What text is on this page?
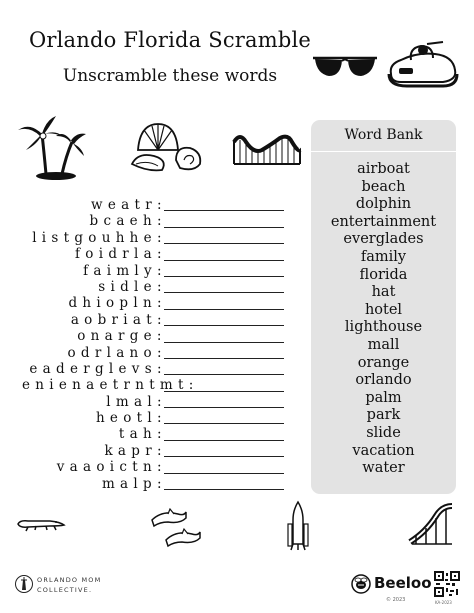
Orlando Florida Scramble
Unscramble these words
w e a t r :
b c a e h :
l i s t g o u h h e :
f o i d r l a :
f a i m l y :
s i d l e :
d h i o p l n :
a o b r i a t :
o n a r g e :
o d r l a n o :
e a d e r g l e v s :
e n i e n a e t r n t m t :
l m a l :
h e o t l :
t a h :
k a p r :
v a a o i c t n :
m a l p :
Word Bank
airboat
beach
dolphin
entertainment
everglades
family
florida
hat
hotel
lighthouse
mall
orange
orlando
palm
park
slide
vacation
water
ORLANDO MOM
COLLECTIVE.	Beeloo
© 2023	KA-2023
